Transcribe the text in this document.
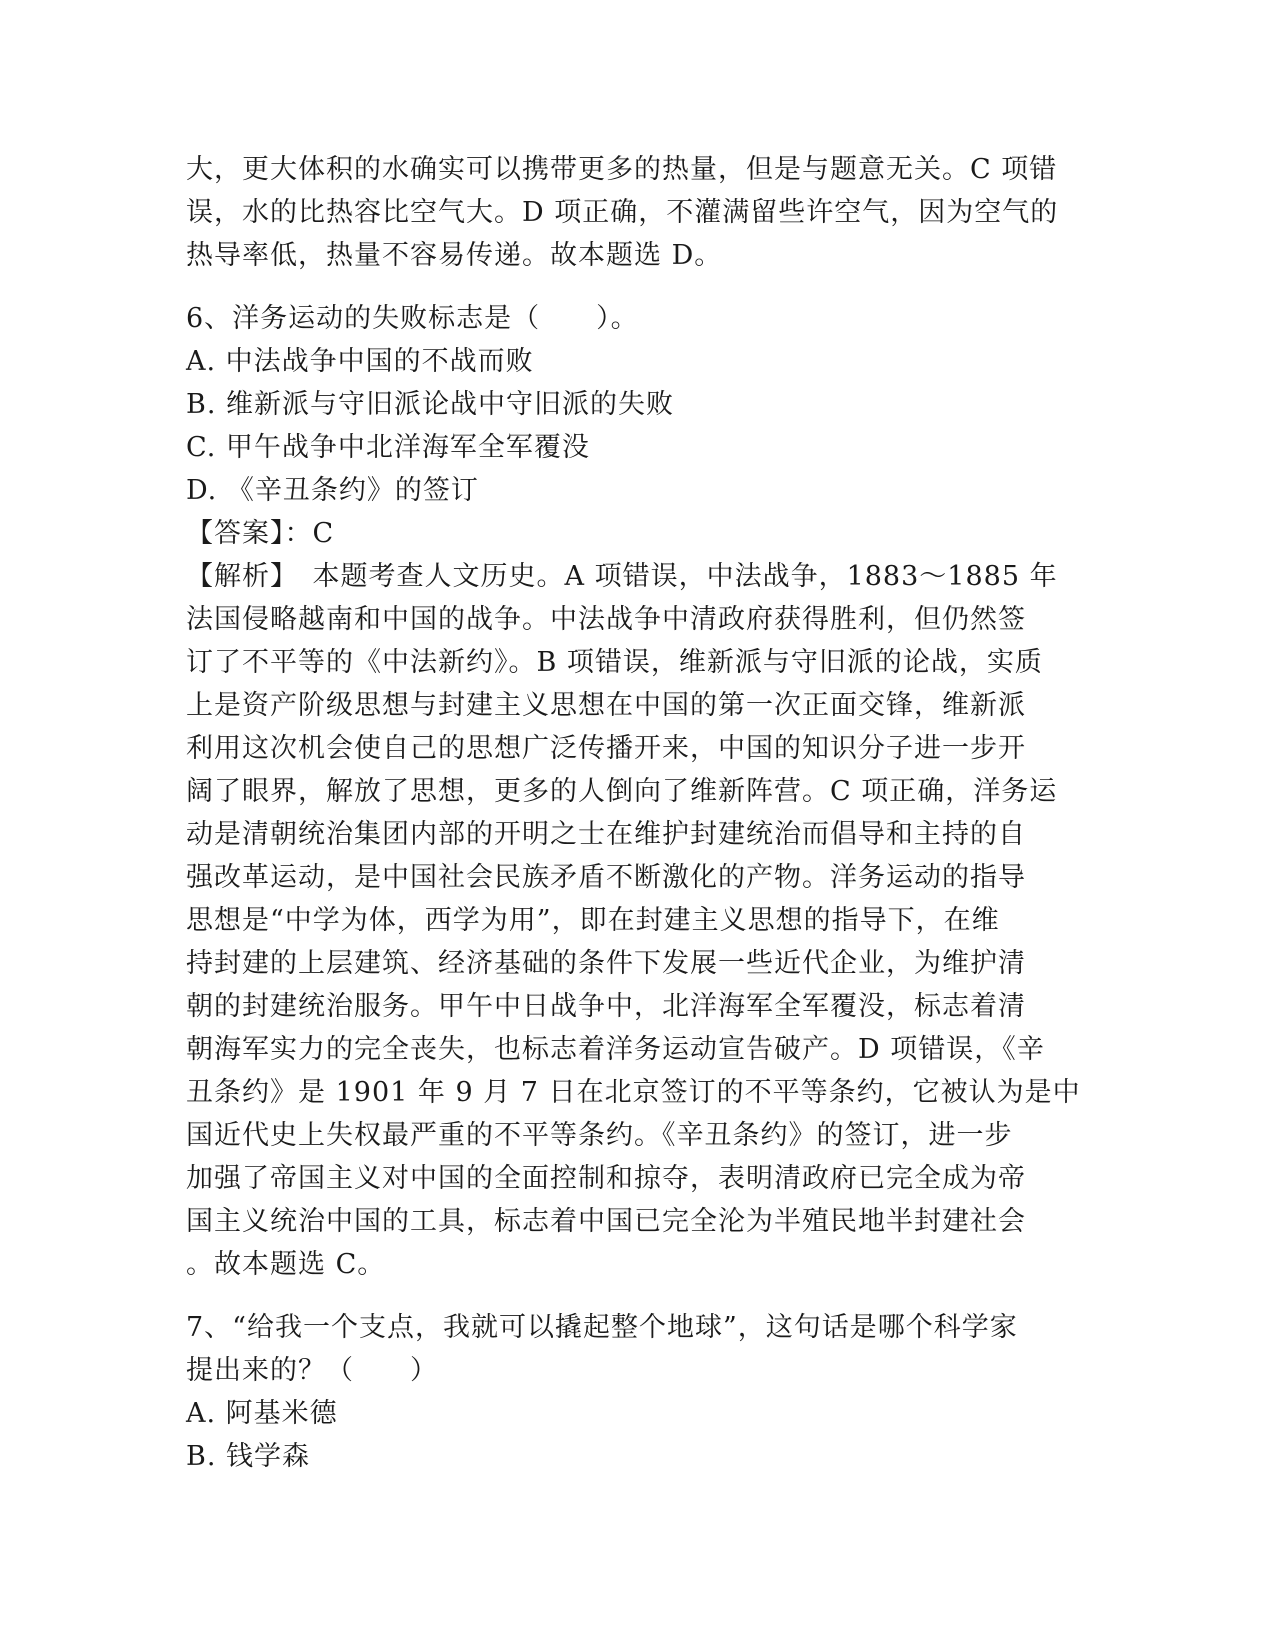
大，更大体积的水确实可以携带更多的热量，但是与题意无关。C 项错
误，水的比热容比空气大。D 项正确，不灌满留些许空气，因为空气的
热导率低，热量不容易传递。故本题选 D。
6、洋务运动的失败标志是（　　）。
A. 中法战争中国的不战而败
B. 维新派与守旧派论战中守旧派的失败
C. 甲午战争中北洋海军全军覆没
D. 《辛丑条约》的签订
【答案】：C
【解析】　本题考查人文历史。A 项错误，中法战争，1883～1885 年
法国侵略越南和中国的战争。中法战争中清政府获得胜利，但仍然签
订了不平等的《中法新约》。B 项错误，维新派与守旧派的论战，实质
上是资产阶级思想与封建主义思想在中国的第一次正面交锋，维新派
利用这次机会使自己的思想广泛传播开来，中国的知识分子进一步开
阔了眼界，解放了思想，更多的人倒向了维新阵营。C 项正确，洋务运
动是清朝统治集团内部的开明之士在维护封建统治而倡导和主持的自
强改革运动，是中国社会民族矛盾不断激化的产物。洋务运动的指导
思想是“中学为体，西学为用”，即在封建主义思想的指导下，在维
持封建的上层建筑、经济基础的条件下发展一些近代企业，为维护清
朝的封建统治服务。甲午中日战争中，北洋海军全军覆没，标志着清
朝海军实力的完全丧失，也标志着洋务运动宣告破产。D 项错误，《辛
丑条约》是 1901 年 9 月 7 日在北京签订的不平等条约，它被认为是中
国近代史上失权最严重的不平等条约。《辛丑条约》的签订，进一步
加强了帝国主义对中国的全面控制和掠夺，表明清政府已完全成为帝
国主义统治中国的工具，标志着中国已完全沦为半殖民地半封建社会
。故本题选 C。
7、“给我一个支点，我就可以撬起整个地球”，这句话是哪个科学家
提出来的？（　　）
A. 阿基米德
B. 钱学森
